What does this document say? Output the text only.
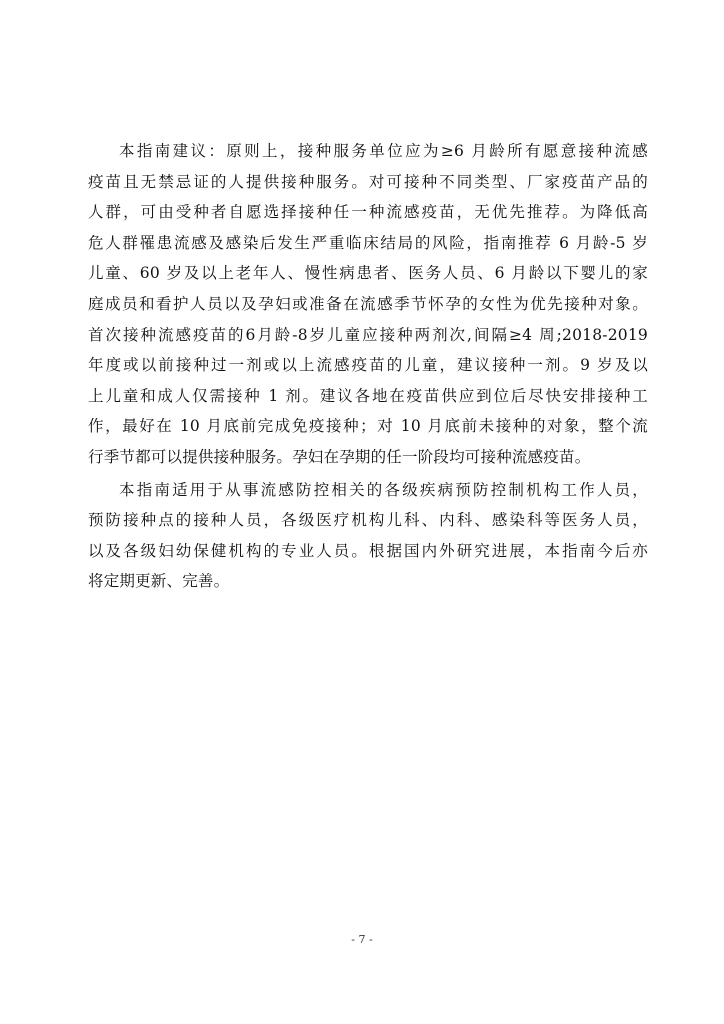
本指南建议：原则上，接种服务单位应为≥6 月龄所有愿意接种流感
疫苗且无禁忌证的人提供接种服务。对可接种不同类型、厂家疫苗产品的
人群，可由受种者自愿选择接种任一种流感疫苗，无优先推荐。为降低高
危人群罹患流感及感染后发生严重临床结局的风险，指南推荐 6 月龄-5 岁
儿童、60 岁及以上老年人、慢性病患者、医务人员、6 月龄以下婴儿的家
庭成员和看护人员以及孕妇或准备在流感季节怀孕的女性为优先接种对象。
首次接种流感疫苗的6月龄-8岁儿童应接种两剂次,间隔≥4 周;2018-2019
年度或以前接种过一剂或以上流感疫苗的儿童，建议接种一剂。9 岁及以
上儿童和成人仅需接种 1 剂。建议各地在疫苗供应到位后尽快安排接种工
作，最好在 10 月底前完成免疫接种；对 10 月底前未接种的对象，整个流
行季节都可以提供接种服务。孕妇在孕期的任一阶段均可接种流感疫苗。
本指南适用于从事流感防控相关的各级疾病预防控制机构工作人员，
预防接种点的接种人员，各级医疗机构儿科、内科、感染科等医务人员，
以及各级妇幼保健机构的专业人员。根据国内外研究进展，本指南今后亦
将定期更新、完善。
- 7 -
